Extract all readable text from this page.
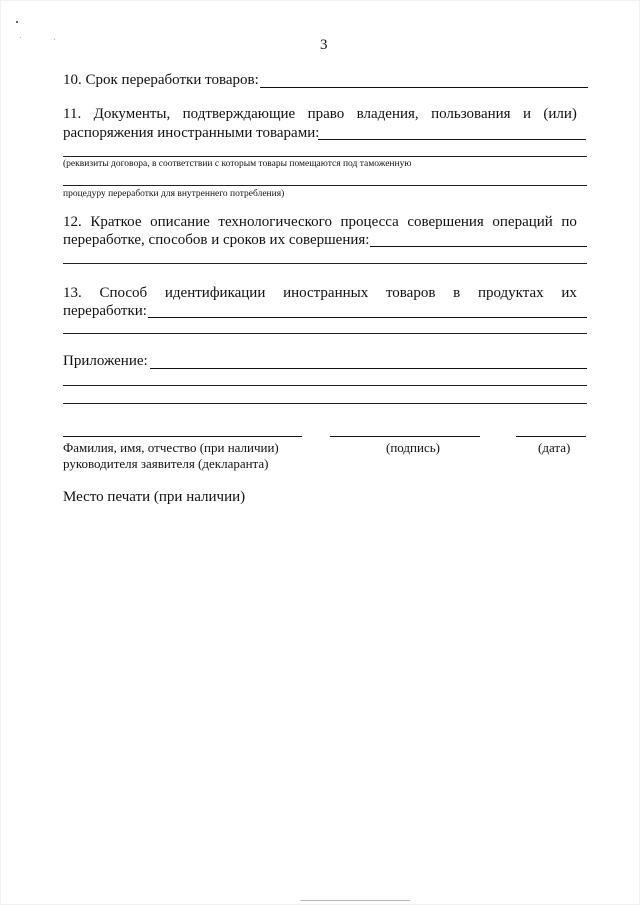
3
10. Срок переработки товаров:
11. Документы, подтверждающие право владения, пользования и (или)
распоряжения иностранными товарами:
(реквизиты договора, в соответствии с которым товары помещаются под таможенную
процедуру переработки для внутреннего потребления)
12. Краткое описание технологического процесса совершения операций по
переработке, способов и сроков их совершения:
13. Способ идентификации иностранных товаров в продуктах их
переработки:
Приложение:
Фамилия, имя, отчество (при наличии)
руководителя заявителя (декларанта)
(подпись)	(дата)
Место печати (при наличии)
